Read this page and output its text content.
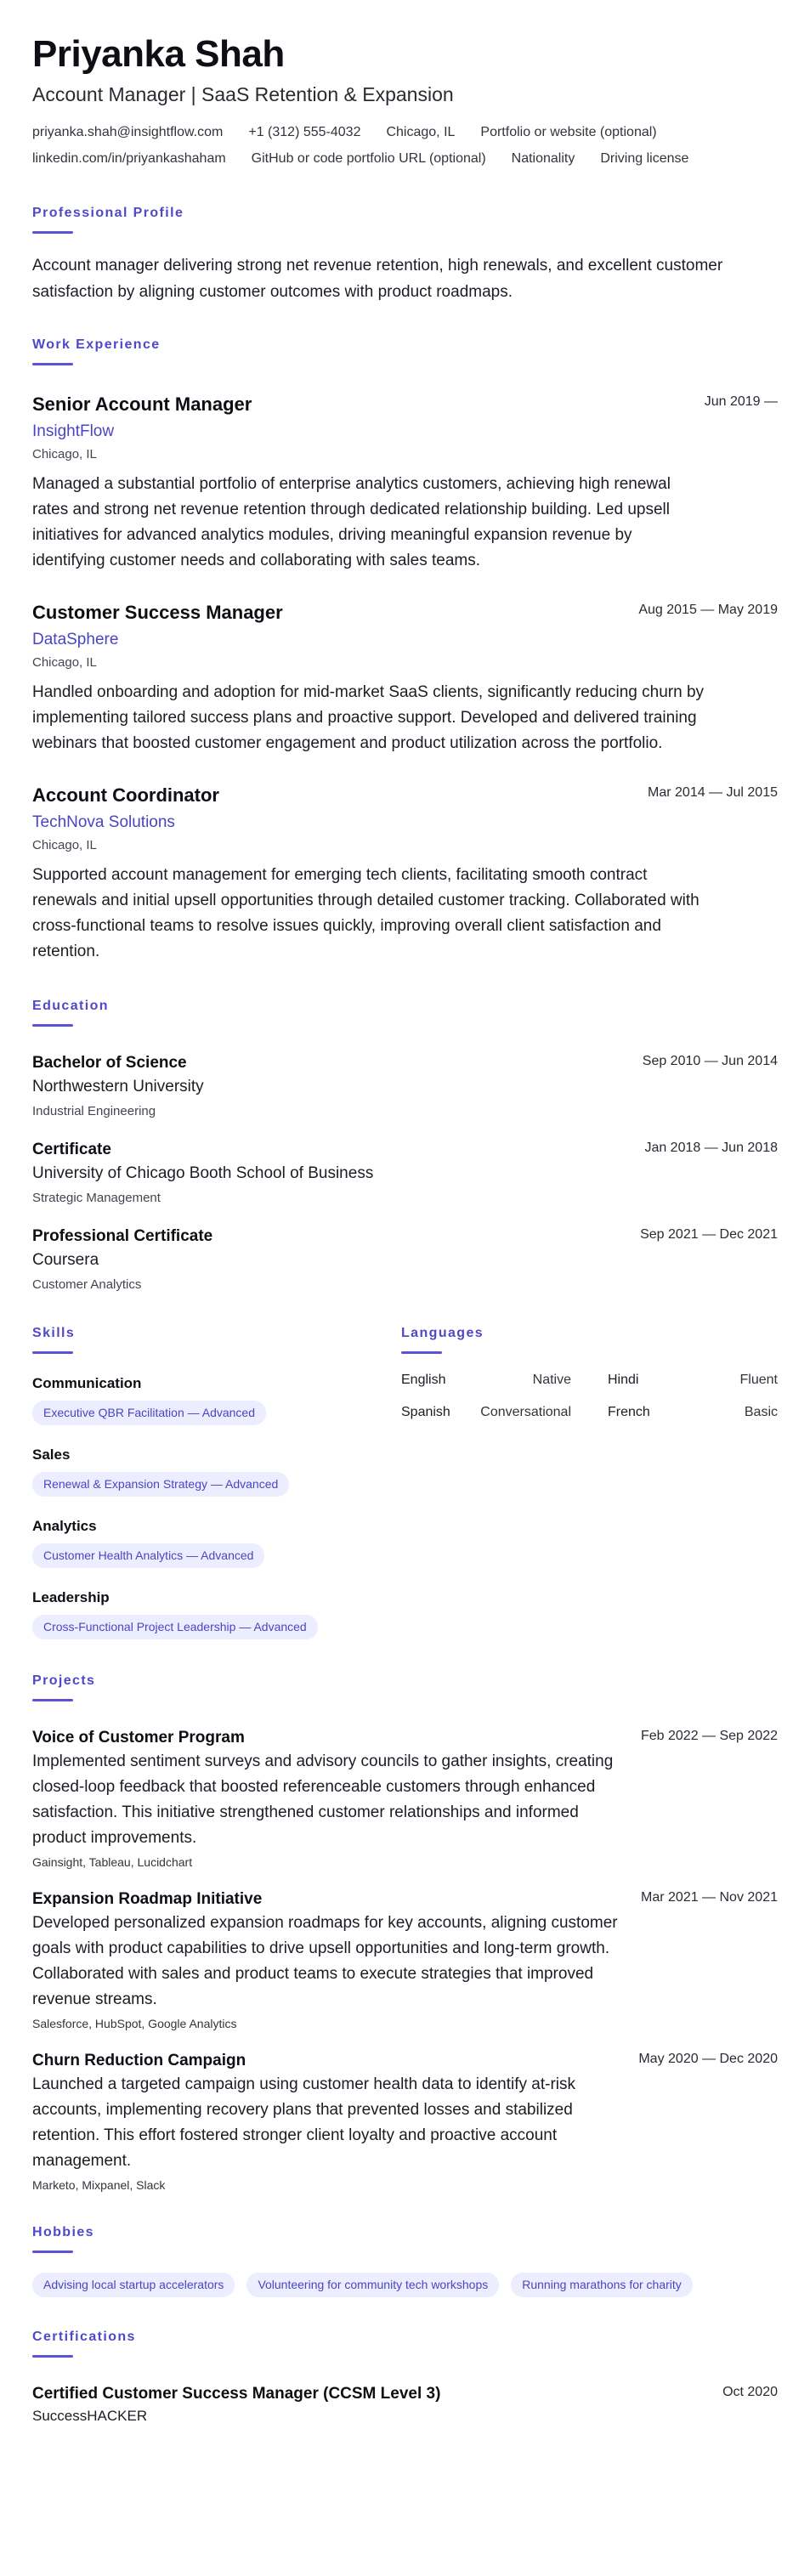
Priyanka Shah
Account Manager | SaaS Retention & Expansion
priyanka.shah@insightflow.com +1 (312) 555-4032 Chicago, IL Portfolio or website (optional)
linkedin.com/in/priyankashaham GitHub or code portfolio URL (optional) Nationality Driving license
Professional Profile
Account manager delivering strong net revenue retention, high renewals, and excellent customer satisfaction by aligning customer outcomes with product roadmaps.
Work Experience
Senior Account Manager	Jun 2019 —
InsightFlow
Chicago, IL
Managed a substantial portfolio of enterprise analytics customers, achieving high renewal rates and strong net revenue retention through dedicated relationship building. Led upsell initiatives for advanced analytics modules, driving meaningful expansion revenue by identifying customer needs and collaborating with sales teams.
Customer Success Manager	Aug 2015 — May 2019
DataSphere
Chicago, IL
Handled onboarding and adoption for mid-market SaaS clients, significantly reducing churn by implementing tailored success plans and proactive support. Developed and delivered training webinars that boosted customer engagement and product utilization across the portfolio.
Account Coordinator	Mar 2014 — Jul 2015
TechNova Solutions
Chicago, IL
Supported account management for emerging tech clients, facilitating smooth contract renewals and initial upsell opportunities through detailed customer tracking. Collaborated with cross-functional teams to resolve issues quickly, improving overall client satisfaction and retention.
Education
Bachelor of Science	Sep 2010 — Jun 2014
Northwestern University
Industrial Engineering
Certificate	Jan 2018 — Jun 2018
University of Chicago Booth School of Business
Strategic Management
Professional Certificate	Sep 2021 — Dec 2021
Coursera
Customer Analytics
Skills
Communication
Executive QBR Facilitation — Advanced
Sales
Renewal & Expansion Strategy — Advanced
Analytics
Customer Health Analytics — Advanced
Leadership
Cross-Functional Project Leadership — Advanced
Languages
English	Native	Hindi	Fluent
Spanish Conversational	French	Basic
Projects
Voice of Customer Program	Feb 2022 — Sep 2022
Implemented sentiment surveys and advisory councils to gather insights, creating closed-loop feedback that boosted referenceable customers through enhanced satisfaction. This initiative strengthened customer relationships and informed product improvements.
Gainsight, Tableau, Lucidchart
Expansion Roadmap Initiative	Mar 2021 — Nov 2021
Developed personalized expansion roadmaps for key accounts, aligning customer goals with product capabilities to drive upsell opportunities and long-term growth. Collaborated with sales and product teams to execute strategies that improved revenue streams.
Salesforce, HubSpot, Google Analytics
Churn Reduction Campaign	May 2020 — Dec 2020
Launched a targeted campaign using customer health data to identify at-risk accounts, implementing recovery plans that prevented losses and stabilized retention. This effort fostered stronger client loyalty and proactive account management.
Marketo, Mixpanel, Slack
Hobbies
Advising local startup accelerators	Volunteering for community tech workshops	Running marathons for charity
Certifications
Certified Customer Success Manager (CCSM Level 3)	Oct 2020
SuccessHACKER
